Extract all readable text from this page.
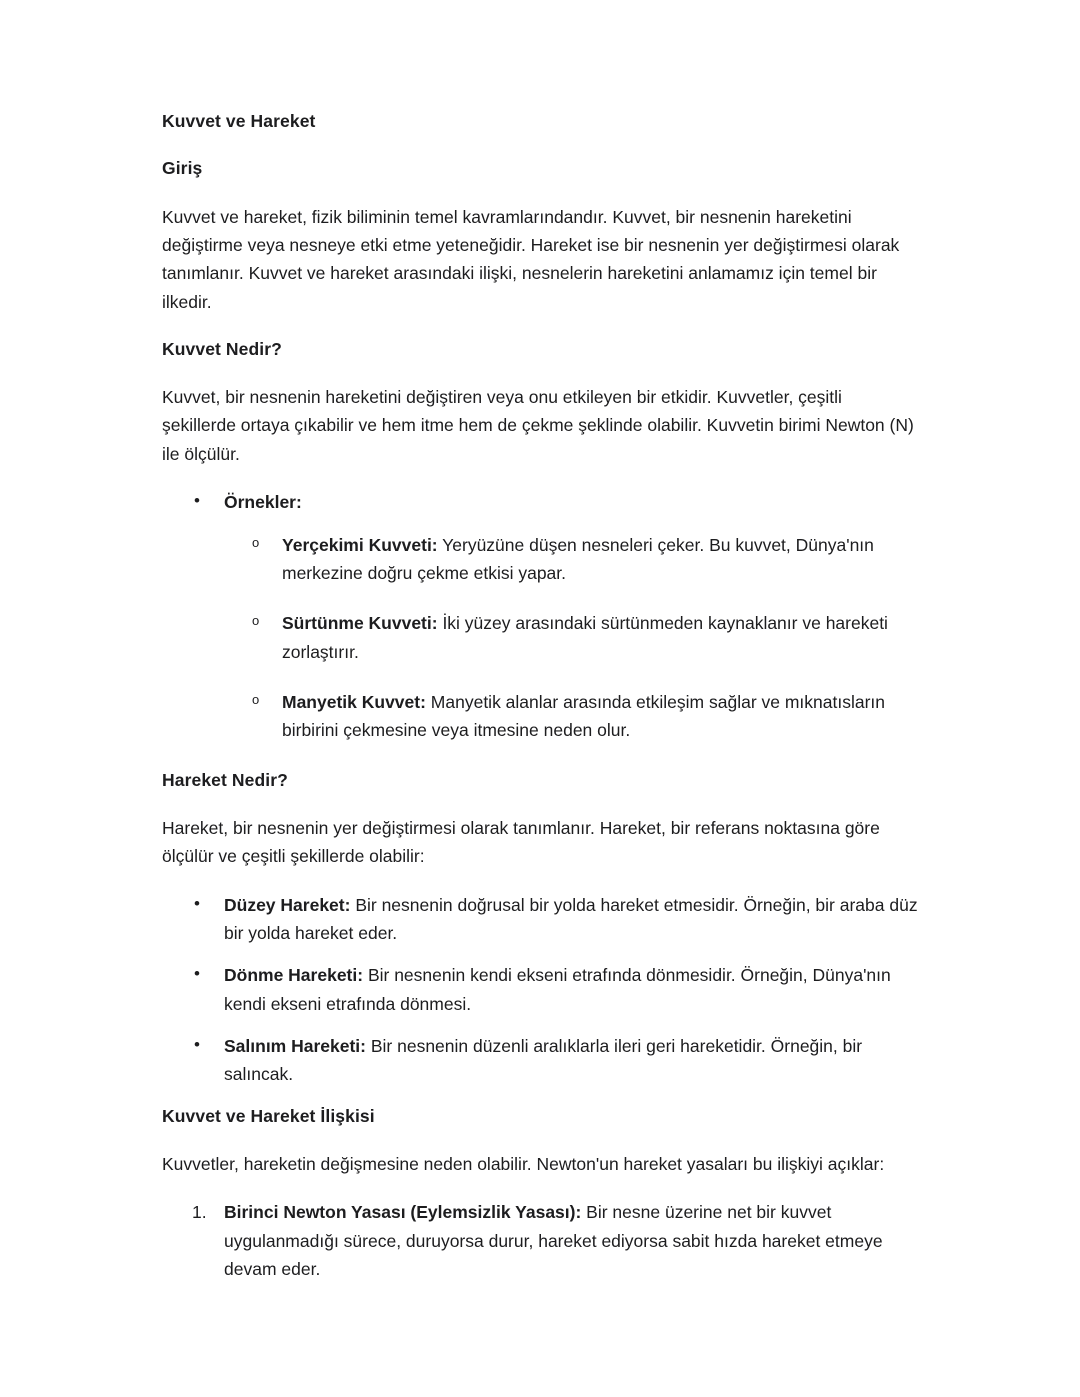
Kuvvet ve Hareket
Giriş

Kuvvet ve hareket, fizik biliminin temel kavramlarındandır. Kuvvet, bir nesnenin hareketini değiştirme veya nesneye etki etme yeteneğidir. Hareket ise bir nesnenin yer değiştirmesi olarak tanımlanır. Kuvvet ve hareket arasındaki ilişki, nesnelerin hareketini anlamamız için temel bir ilkedir.

Kuvvet Nedir?

Kuvvet, bir nesnenin hareketini değiştiren veya onu etkileyen bir etkidir. Kuvvetler, çeşitli şekillerde ortaya çıkabilir ve hem itme hem de çekme şeklinde olabilir. Kuvvetin birimi Newton (N) ile ölçülür.

• Örnekler:
o Yerçekimi Kuvveti: Yeryüzüne düşen nesneleri çeker. Bu kuvvet, Dünya'nın merkezine doğru çekme etkisi yapar.
o Sürtünme Kuvveti: İki yüzey arasındaki sürtünmeden kaynaklanır ve hareketi zorlaştırır.
o Manyetik Kuvvet: Manyetik alanlar arasında etkileşim sağlar ve mıknatısların birbirini çekmesine veya itmesine neden olur.
Hareket Nedir?

Hareket, bir nesnenin yer değiştirmesi olarak tanımlanır. Hareket, bir referans noktasına göre ölçülür ve çeşitli şekillerde olabilir:

• Düzey Hareket: Bir nesnenin doğrusal bir yolda hareket etmesidir. Örneğin, bir araba düz bir yolda hareket eder.
• Dönme Hareketi: Bir nesnenin kendi ekseni etrafında dönmesidir. Örneğin, Dünya'nın kendi ekseni etrafında dönmesi.
• Salınım Hareketi: Bir nesnenin düzenli aralıklarla ileri geri hareketidir. Örneğin, bir salıncak.
Kuvvet ve Hareket İlişkisi

Kuvvetler, hareketin değişmesine neden olabilir. Newton'un hareket yasaları bu ilişkiyi açıklar:

1. Birinci Newton Yasası (Eylemsizlik Yasası): Bir nesne üzerine net bir kuvvet uygulanmadığı sürece, duruyorsa durur, hareket ediyorsa sabit hızda hareket etmeye devam eder.
